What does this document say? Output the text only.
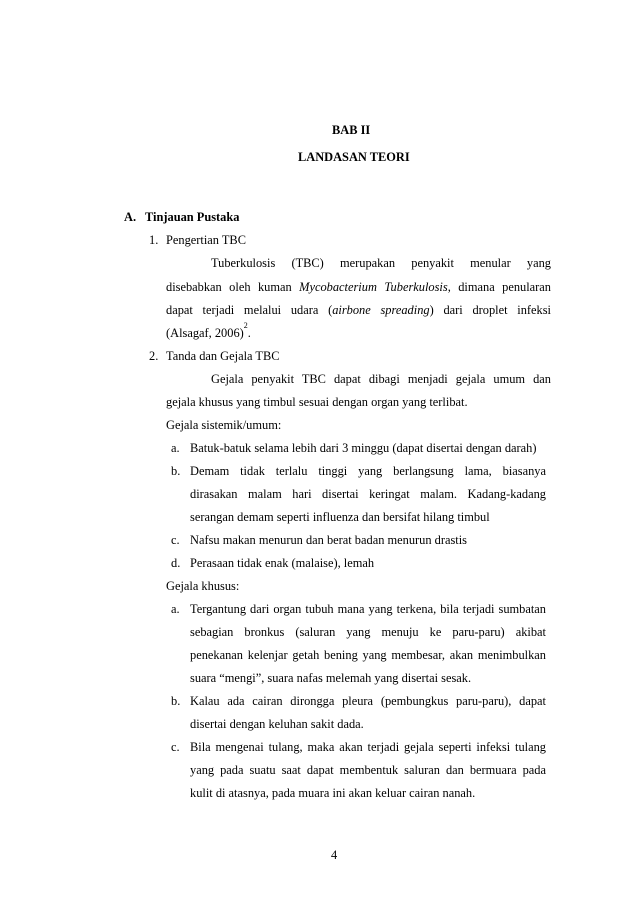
BAB II
LANDASAN TEORI
A. Tinjauan Pustaka
1. Pengertian TBC
Tuberkulosis (TBC) merupakan penyakit menular yang
disebabkan oleh kuman Mycobacterium Tuberkulosis, dimana penularan
dapat terjadi melalui udara (airbone spreading) dari droplet infeksi
(Alsagaf, 2006)$^2$.
2. Tanda dan Gejala TBC
Gejala penyakit TBC dapat dibagi menjadi gejala umum dan
gejala khusus yang timbul sesuai dengan organ yang terlibat.
Gejala sistemik/umum:
a. Batuk-batuk selama lebih dari 3 minggu (dapat disertai dengan darah)
b. Demam tidak terlalu tinggi yang berlangsung lama, biasanya
dirasakan malam hari disertai keringat malam. Kadang-kadang
serangan demam seperti influenza dan bersifat hilang timbul
c. Nafsu makan menurun dan berat badan menurun drastis
d. Perasaan tidak enak (malaise), lemah
Gejala khusus:
a. Tergantung dari organ tubuh mana yang terkena, bila terjadi sumbatan
sebagian bronkus (saluran yang menuju ke paru-paru) akibat
penekanan kelenjar getah bening yang membesar, akan menimbulkan
suara “mengi”, suara nafas melemah yang disertai sesak.
b. Kalau ada cairan dirongga pleura (pembungkus paru-paru), dapat
disertai dengan keluhan sakit dada.
c. Bila mengenai tulang, maka akan terjadi gejala seperti infeksi tulang
yang pada suatu saat dapat membentuk saluran dan bermuara pada
kulit di atasnya, pada muara ini akan keluar cairan nanah.
4
